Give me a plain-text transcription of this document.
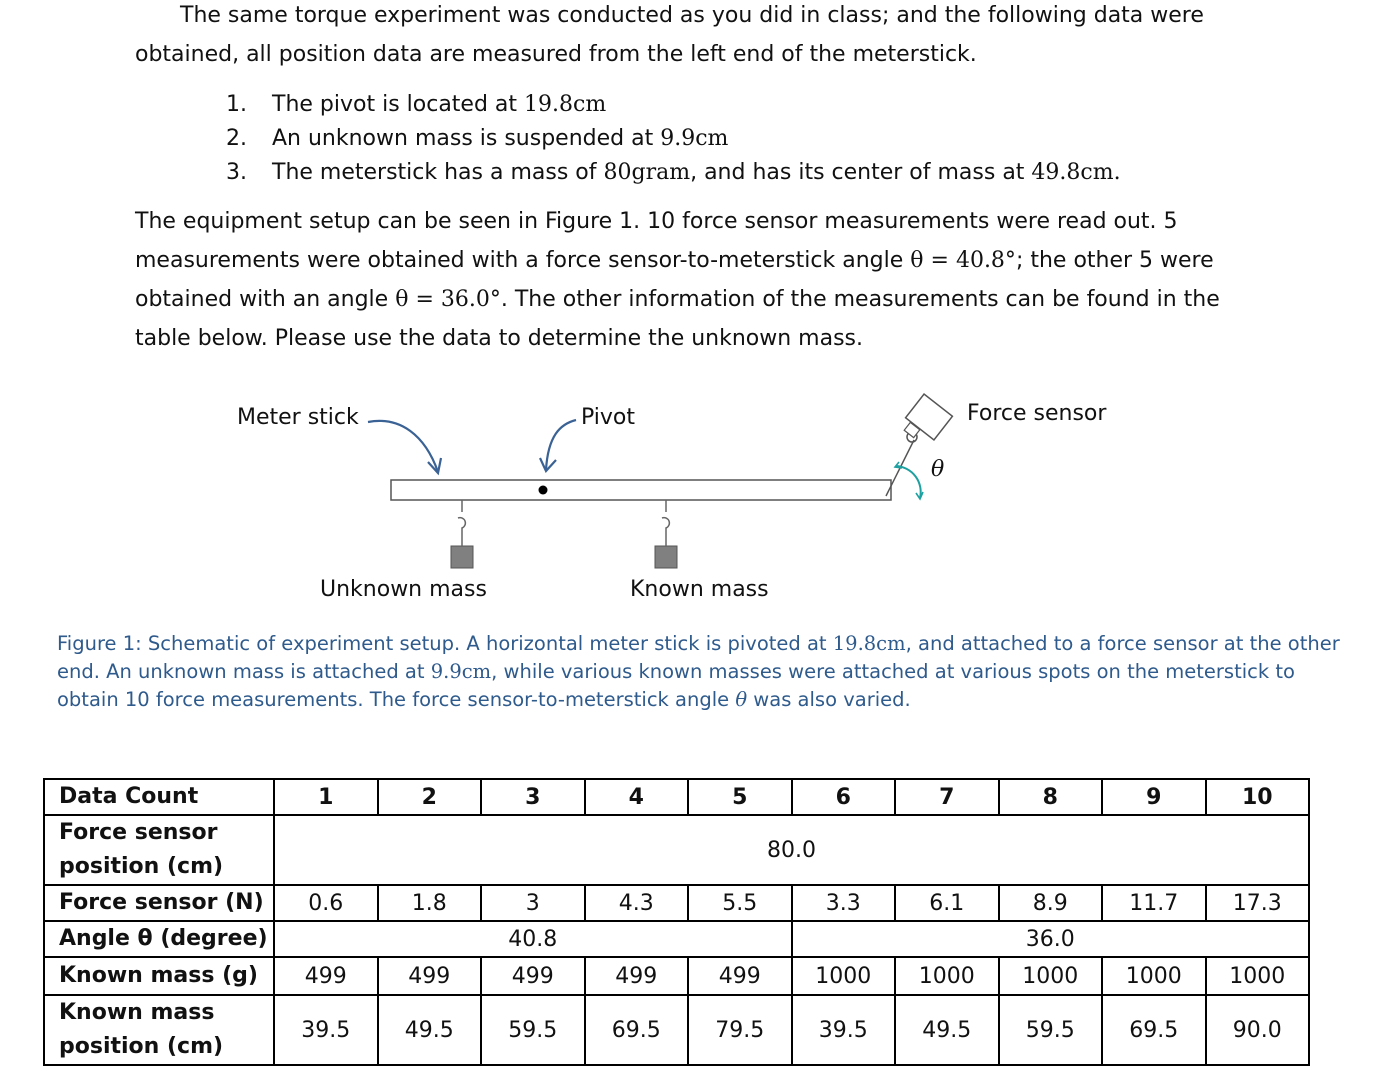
The same torque experiment was conducted as you did in class; and the following data were
obtained, all position data are measured from the left end of the meterstick.
1. The pivot is located at 19.8cm
2. An unknown mass is suspended at 9.9cm
3. The meterstick has a mass of 80gram, and has its center of mass at 49.8cm.
The equipment setup can be seen in Figure 1. 10 force sensor measurements were read out. 5
measurements were obtained with a force sensor-to-meterstick angle θ = 40.8°; the other 5 were
obtained with an angle θ = 36.0°. The other information of the measurements can be found in the
table below. Please use the data to determine the unknown mass.
Meter stick	Pivot	Force sensor
θ
Unknown mass	Known mass
Figure 1: Schematic of experiment setup. A horizontal meter stick is pivoted at 19.8cm, and attached to a force sensor at the other
end. An unknown mass is attached at 9.9cm, while various known masses were attached at various spots on the meterstick to
obtain 10 force measurements. The force sensor-to-meterstick angle θ was also varied.
Data Count	1	2	3	4	5	6	7	8	9	10
Force sensor position (cm)	80.0									
Force sensor (N)	0.6	1.8	3	4.3	5.5	3.3	6.1	8.9	11.7	17.3
Angle θ (degree)	40.8					36.0				
Known mass (g)	499	499	499	499	499	1000	1000	1000	1000	1000
Known mass position (cm)	39.5	49.5	59.5	69.5	79.5	39.5	49.5	59.5	69.5	90.0
